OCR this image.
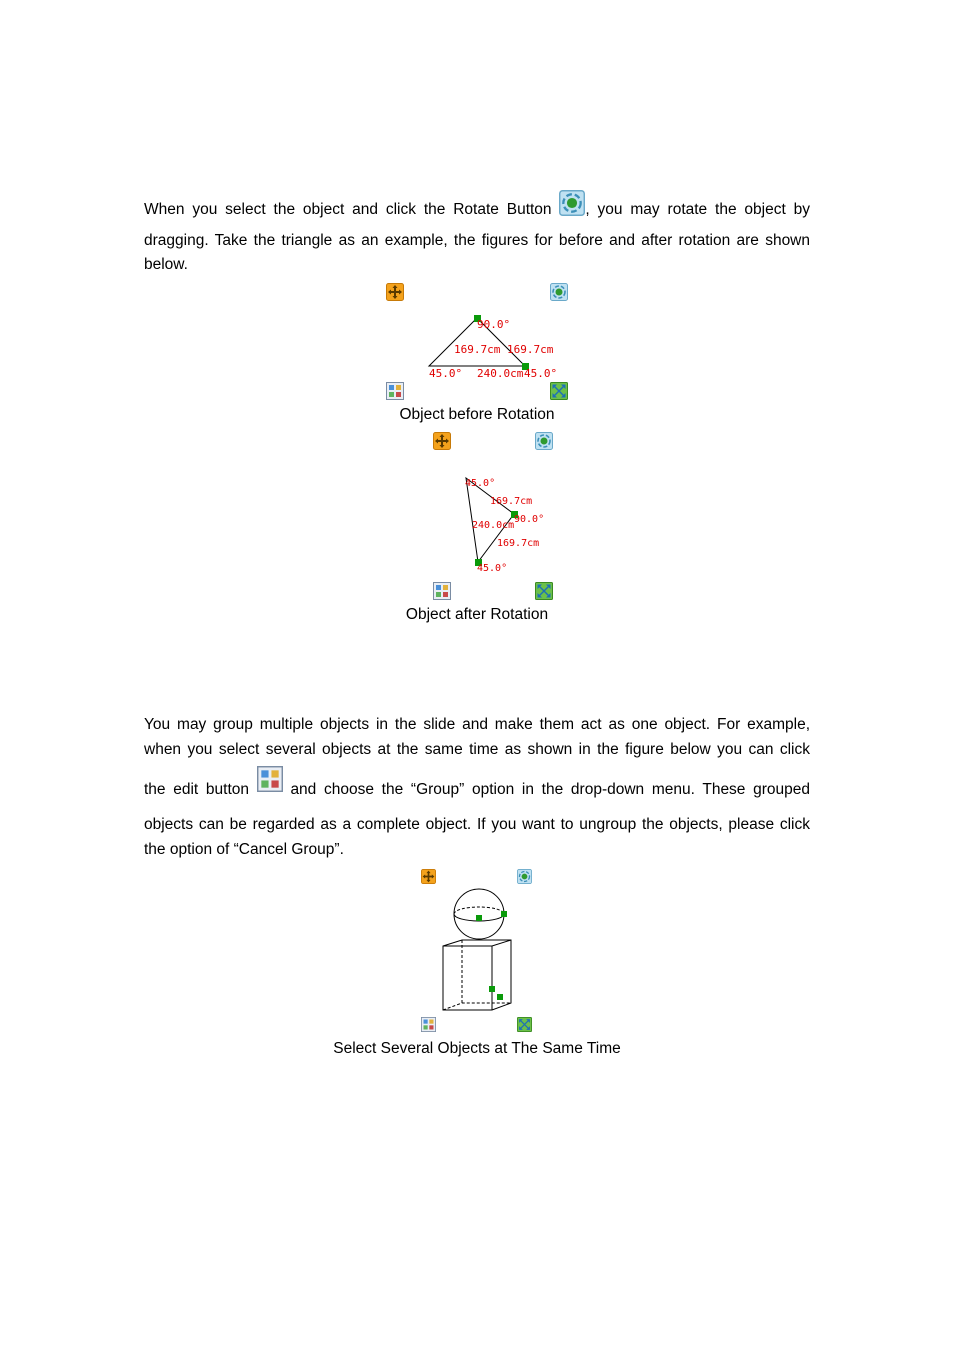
When you select the object and click the Rotate Button , you may rotate the object by
dragging. Take the triangle as an example, the figures for before and after rotation are shown
below.
90.0°
169.7cm 169.7cm
45.0° 240.0cm 45.0°
Object before Rotation
45.0°
169.7cm
90.0°
240.0cm
169.7cm
45.0°
Object after Rotation
You may group multiple objects in the slide and make them act as one object. For example,
when you select several objects at the same time as shown in the figure below you can click
the edit button	and choose the “Group” option in the drop-down menu. These grouped
objects can be regarded as a complete object. If you want to ungroup the objects, please click
the option of “Cancel Group”.
Select Several Objects at The Same Time
